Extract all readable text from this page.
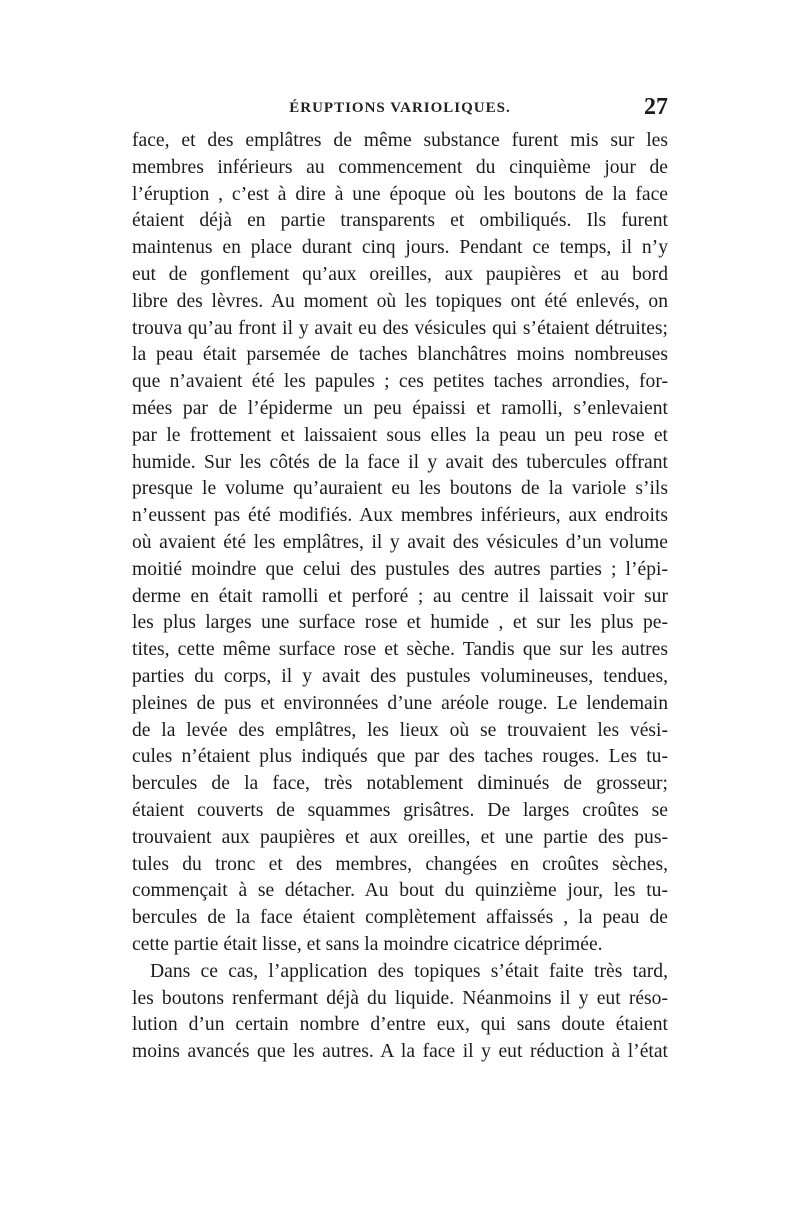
ÉRUPTIONS VARIOLIQUES.	27
face, et des emplâtres de même substance furent mis sur les
membres inférieurs au commencement du cinquième jour de
l’éruption , c’est à dire à une époque où les boutons de la face
étaient déjà en partie transparents et ombiliqués. Ils furent
maintenus en place durant cinq jours. Pendant ce temps, il n’y
eut de gonflement qu’aux oreilles, aux paupières et au bord
libre des lèvres. Au moment où les topiques ont été enlevés, on
trouva qu’au front il y avait eu des vésicules qui s’étaient détruites;
la peau était parsemée de taches blanchâtres moins nombreuses
que n’avaient été les papules ; ces petites taches arrondies, for-
mées par de l’épiderme un peu épaissi et ramolli, s’enlevaient
par le frottement et laissaient sous elles la peau un peu rose et
humide. Sur les côtés de la face il y avait des tubercules offrant
presque le volume qu’auraient eu les boutons de la variole s’ils
n’eussent pas été modifiés. Aux membres inférieurs, aux endroits
où avaient été les emplâtres, il y avait des vésicules d’un volume
moitié moindre que celui des pustules des autres parties ; l’épi-
derme en était ramolli et perforé ; au centre il laissait voir sur
les plus larges une surface rose et humide , et sur les plus pe-
tites, cette même surface rose et sèche. Tandis que sur les autres
parties du corps, il y avait des pustules volumineuses, tendues,
pleines de pus et environnées d’une aréole rouge. Le lendemain
de la levée des emplâtres, les lieux où se trouvaient les vési-
cules n’étaient plus indiqués que par des taches rouges. Les tu-
bercules de la face, très notablement diminués de grosseur;
étaient couverts de squammes grisâtres. De larges croûtes se
trouvaient aux paupières et aux oreilles, et une partie des pus-
tules du tronc et des membres, changées en croûtes sèches,
commençait à se détacher. Au bout du quinzième jour, les tu-
bercules de la face étaient complètement affaissés , la peau de
cette partie était lisse, et sans la moindre cicatrice déprimée.
Dans ce cas, l’application des topiques s’était faite très tard,
les boutons renfermant déjà du liquide. Néanmoins il y eut réso-
lution d’un certain nombre d’entre eux, qui sans doute étaient
moins avancés que les autres. A la face il y eut réduction à l’état
